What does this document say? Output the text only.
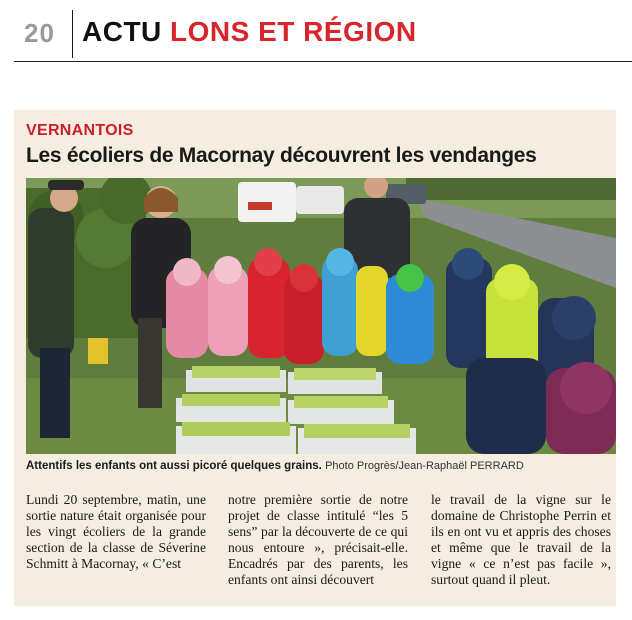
20 ACTU LONS ET RÉGION
VERNANTOIS
Les écoliers de Macornay découvrent les vendanges
Attentifs les enfants ont aussi picoré quelques grains. Photo Progrès/Jean-Raphaël PERRARD
Lundi 20 septembre, matin, une sortie nature était organisée pour les vingt écoliers de la grande section de la classe de Séverine Schmitt à Macornay, « C’est
notre première sortie de notre projet de classe intitulé “les 5 sens” par la découverte de ce qui nous entoure », précisait-elle. Encadrés par des parents, les enfants ont ainsi découvert
le travail de la vigne sur le domaine de Christophe Perrin et ils en ont vu et appris des choses et même que le travail de la vigne « ce n’est pas facile », surtout quand il pleut.
